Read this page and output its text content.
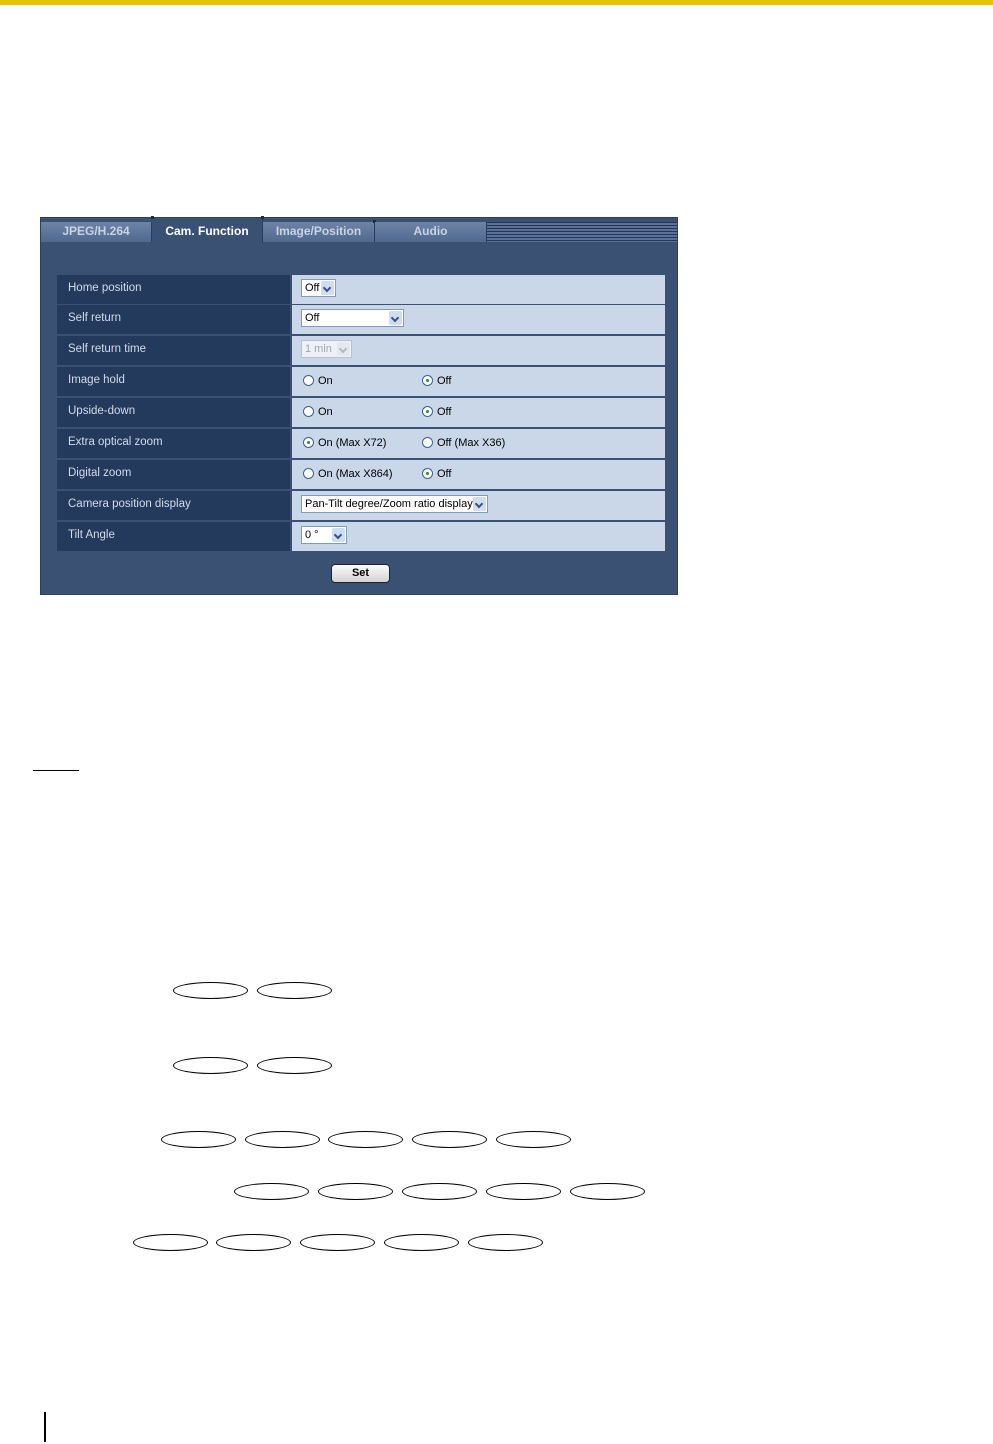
JPEG/H.264	Cam. Function	Image/Position	Audio
Home position	Off
Self return	Off
Self return time	1 min
Image hold	On	Off
Upside-down	On	Off
Extra optical zoom	On (Max X72)	Off (Max X36)
Digital zoom	On (Max X864)	Off
Camera position display	Pan-Tilt degree/Zoom ratio display
Tilt Angle	0 °
Set
